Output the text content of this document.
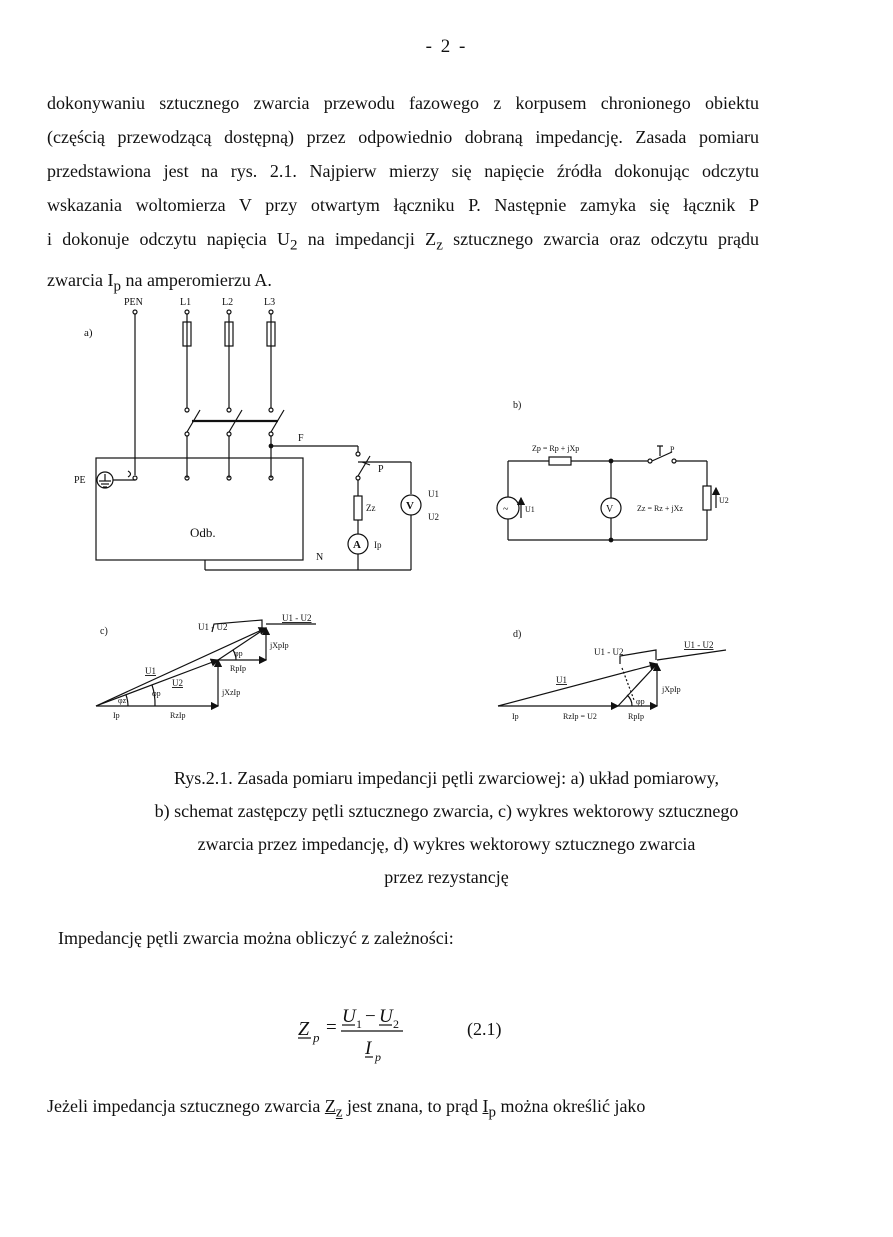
- 2 -

dokonywaniu sztucznego zwarcia przewodu fazowego z korpusem chronionego obiektu
(częścią przewodzącą dostępną) przez odpowiednio dobraną impedancję. Zasada pomiaru
przedstawiona jest na rys. 2.1. Najpierw mierzy się napięcie źródła dokonując odczytu
wskazania woltomierza V przy otwartym łączniku P. Następnie zamyka się łącznik P
i dokonuje odczytu napięcia $U_2$ na impedancji $Z_z$ sztucznego zwarcia oraz odczytu prądu
zwarcia $I_p$ na amperomierzu A.

a)
PEN	L1	L2	L3
F
Odb.
PE
P
Zz
A Ip
V
U1
U2
N
b)
Zp = Rp + jXp	P
~ U1	V	Zz = Rz + jXz
U2
c)	U1 - U2
U1 - U2
jXpIp
φp
RpIp
U1
U2
φz
φp	jXzIp
Ip	RzIp
d)
U1 - U2
U1 - U2
U1
jXpIp
φp
Ip	RzIp = U2	RpIp

Rys.2.1. Zasada pomiaru impedancji pętli zwarciowej: a) układ pomiarowy,
b) schemat zastępczy pętli sztucznego zwarcia, c) wykres wektorowy sztucznego
zwarcia przez impedancję, d) wykres wektorowy sztucznego zwarcia
przez rezystancję

Impedancję pętli zwarcia można obliczyć z zależności:

Z p =
U 1 − U 2
I p
(2.1)

Jeżeli impedancja sztucznego zwarcia $Z_z$ jest znana, to prąd $I_p$ można określić jako
